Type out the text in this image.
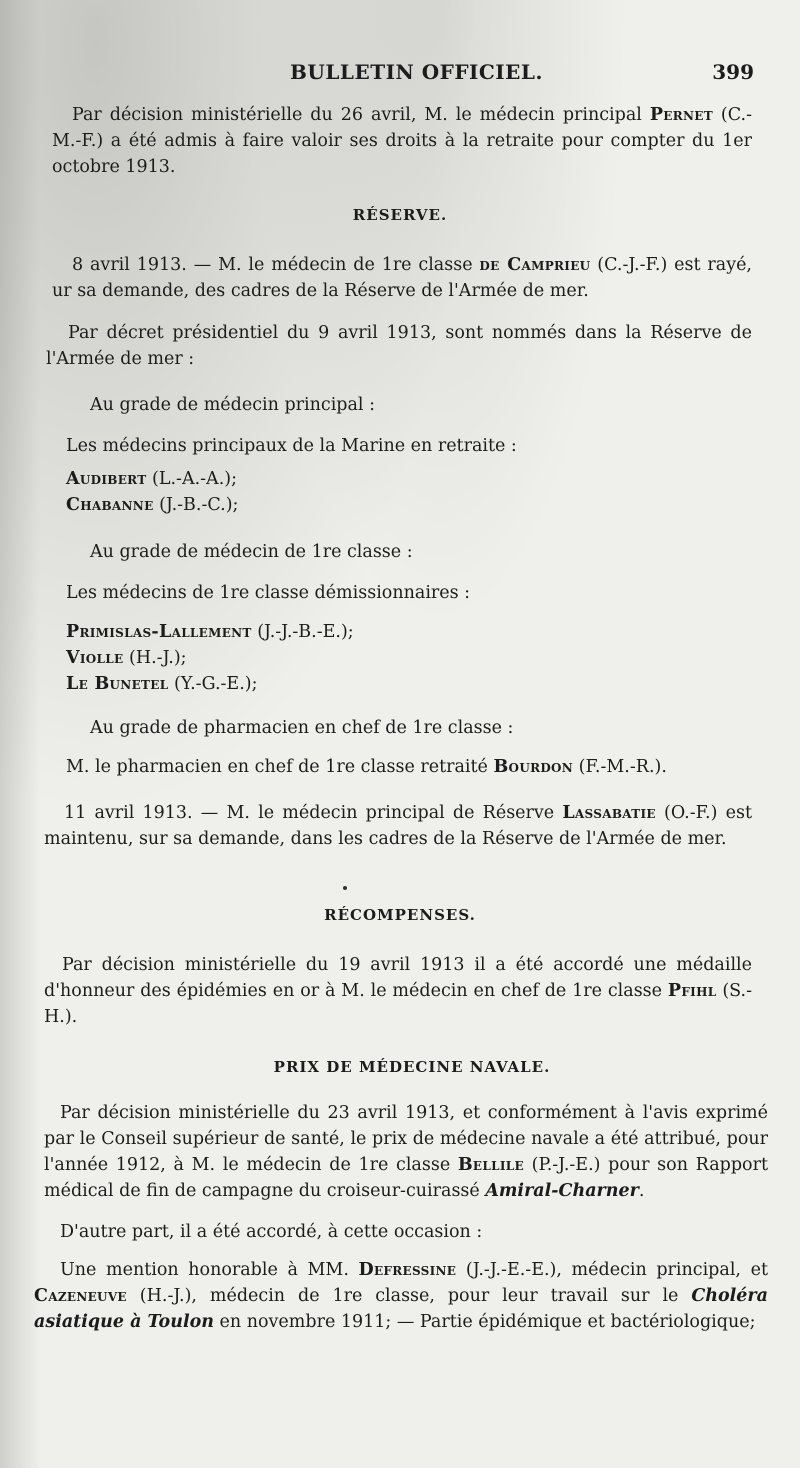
BULLETIN OFFICIEL.	399

Par décision ministérielle du 26 avril, M. le médecin principal Pernet (C.-M.-F.) a été admis à faire valoir ses droits à la retraite pour compter du 1er octobre 1913.

RÉSERVE.

8 avril 1913. — M. le médecin de 1re classe de Campriеu (C.-J.-F.) est rayé, ur sa demande, des cadres de la Réserve de l'Armée de mer.

Par décret présidentiel du 9 avril 1913, sont nommés dans la Réserve de l'Armée de mer :

Au grade de médecin principal :

Les médecins principaux de la Marine en retraite :

Audibert (L.-A.-A.);

Chabanne (J.-B.-C.);

Au grade de médecin de 1re classe :

Les médecins de 1re classe démissionnaires :

Primislas-Lallement (J.-J.-B.-E.);

Violle (H.-J.);

Le Bunetel (Y.-G.-E.);

Au grade de pharmacien en chef de 1re classe :

M. le pharmacien en chef de 1re classe retraité Bourdon (F.-M.-R.).

11 avril 1913. — M. le médecin principal de Réserve Lassabatie (O.-F.) est maintenu, sur sa demande, dans les cadres de la Réserve de l'Armée de mer.

RÉCOMPENSES.

Par décision ministérielle du 19 avril 1913 il a été accordé une médaille d'honneur des épidémies en or à M. le médecin en chef de 1re classe Pfihl (S.-H.).

PRIX DE MÉDECINE NAVALE.

Par décision ministérielle du 23 avril 1913, et conformément à l'avis exprimé par le Conseil supérieur de santé, le prix de médecine navale a été attribué, pour l'année 1912, à M. le médecin de 1re classe Bellile (P.-J.-E.) pour son Rapport médical de fin de campagne du croiseur-cuirassé Amiral-Charner.

D'autre part, il a été accordé, à cette occasion :

Une mention honorable à MM. Defressine (J.-J.-E.-E.), médecin principal, et Cazeneuve (H.-J.), médecin de 1re classe, pour leur travail sur le Choléra asiatique à Toulon en novembre 1911; — Partie épidémique et bactériologique;
